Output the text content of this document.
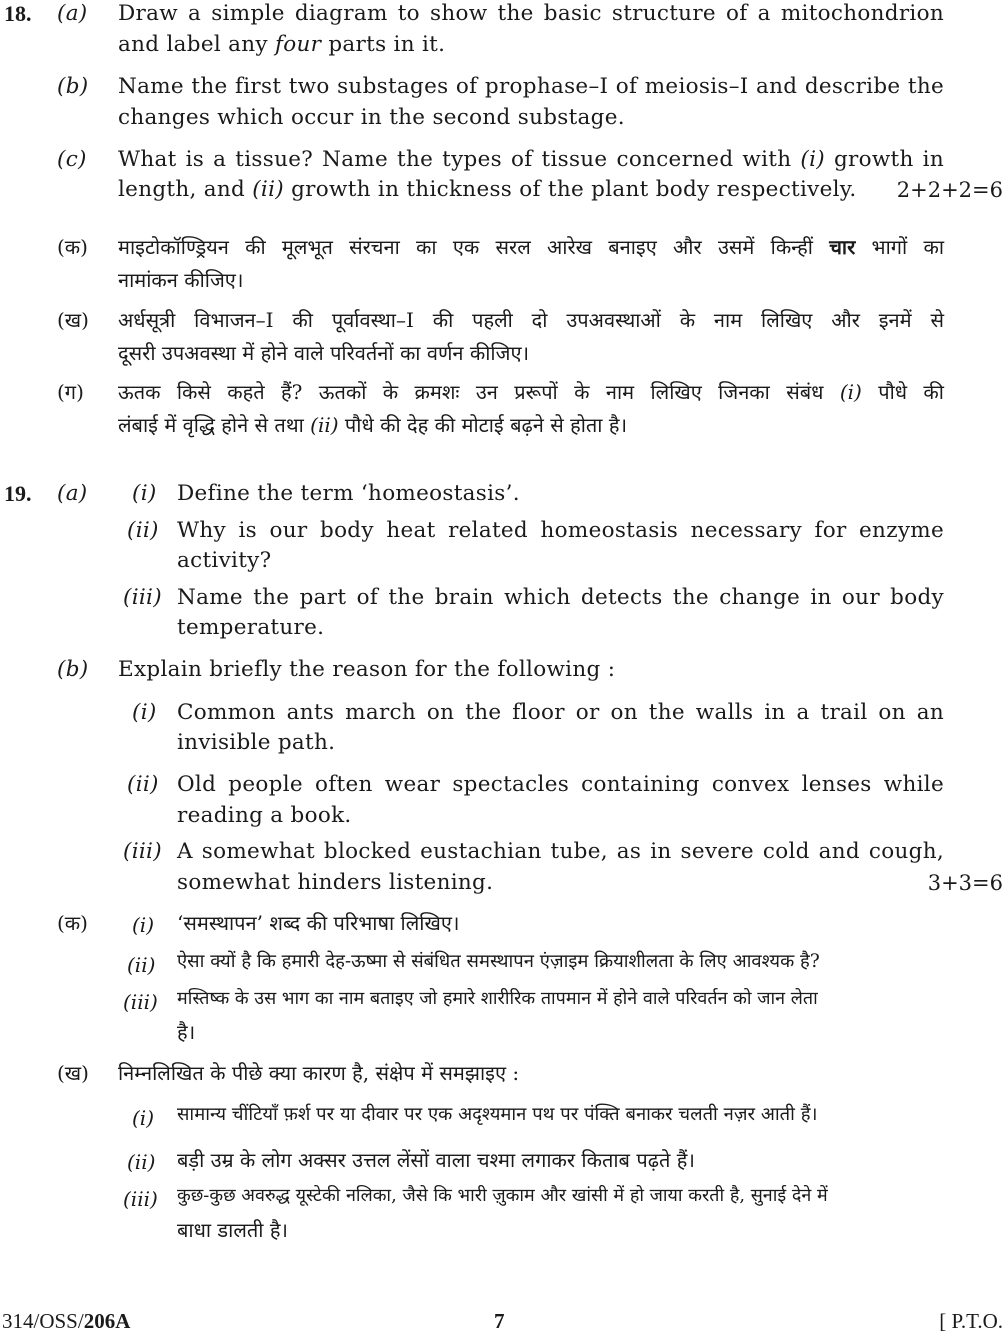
18. (a) Draw a simple diagram to show the basic structure of a mitochondrion
and label any four parts in it.
(b) Name the first two substages of prophase–I of meiosis–I and describe the
changes which occur in the second substage.
(c) What is a tissue? Name the types of tissue concerned with (i) growth in
length, and (ii) growth in thickness of the plant body respectively. 2+2+2=6
(क) माइटोकॉण्ड्रियन की मूलभूत संरचना का एक सरल आरेख बनाइए और उसमें किन्हीं चार भागों का
नामांकन कीजिए।
(ख) अर्धसूत्री विभाजन–I की पूर्वावस्था–I की पहली दो उपअवस्थाओं के नाम लिखिए और इनमें से
दूसरी उपअवस्था में होने वाले परिवर्तनों का वर्णन कीजिए।
(ग) ऊतक किसे कहते हैं? ऊतकों के क्रमशः उन प्ररूपों के नाम लिखिए जिनका संबंध (i) पौधे की
लंबाई में वृद्धि होने से तथा (ii) पौधे की देह की मोटाई बढ़ने से होता है।
19. (a) (i) Define the term ‘homeostasis’.
(ii) Why is our body heat related homeostasis necessary for enzyme
activity?
(iii) Name the part of the brain which detects the change in our body
temperature.
(b) Explain briefly the reason for the following :
(i) Common ants march on the floor or on the walls in a trail on an
invisible path.
(ii) Old people often wear spectacles containing convex lenses while
reading a book.
(iii) A somewhat blocked eustachian tube, as in severe cold and cough,
somewhat hinders listening.	3+3=6
(क) (i) ‘समस्थापन’ शब्द की परिभाषा लिखिए।
(ii) ऐसा क्यों है कि हमारी देह-ऊष्मा से संबंधित समस्थापन एंज़ाइम क्रियाशीलता के लिए आवश्यक है?
(iii) मस्तिष्क के उस भाग का नाम बताइए जो हमारे शारीरिक तापमान में होने वाले परिवर्तन को जान लेता
है।
(ख) निम्नलिखित के पीछे क्या कारण है, संक्षेप में समझाइए :
(i) सामान्य चींटियाँ फ़र्श पर या दीवार पर एक अदृश्यमान पथ पर पंक्ति बनाकर चलती नज़र आती हैं।
(ii) बड़ी उम्र के लोग अक्सर उत्तल लेंसों वाला चश्मा लगाकर किताब पढ़ते हैं।
(iii) कुछ-कुछ अवरुद्ध यूस्टेकी नलिका, जैसे कि भारी ज़ुकाम और खांसी में हो जाया करती है, सुनाई देने में
बाधा डालती है।
314/OSS/206A	7	[ P.T.O.
